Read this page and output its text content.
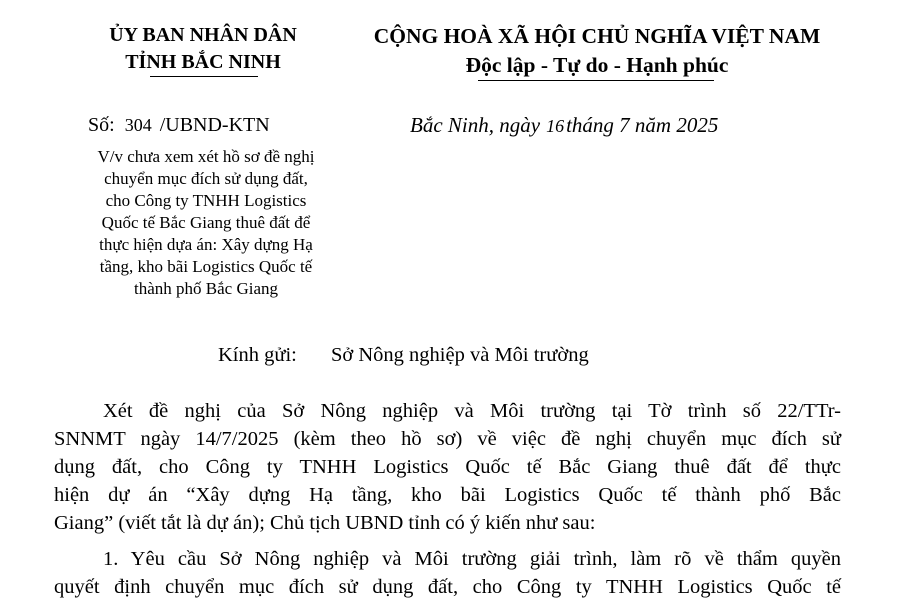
ỦY BAN NHÂN DÂN
TỈNH BẮC NINH
CỘNG HOÀ XÃ HỘI CHỦ NGHĨA VIỆT NAM
Độc lập - Tự do - Hạnh phúc
Số: 304 /UBND-KTN	Bắc Ninh, ngày 16tháng 7 năm 2025
V/v chưa xem xét hồ sơ đề nghị
chuyển mục đích sử dụng đất,
cho Công ty TNHH Logistics
Quốc tế Bắc Giang thuê đất để
thực hiện dựa án: Xây dựng Hạ
tầng, kho bãi Logistics Quốc tế
thành phố Bắc Giang
Kính gửi: Sở Nông nghiệp và Môi trường
Xét đề nghị của Sở Nông nghiệp và Môi trường tại Tờ trình số 22/TTr-
SNNMT ngày 14/7/2025 (kèm theo hồ sơ) về việc đề nghị chuyển mục đích sử
dụng đất, cho Công ty TNHH Logistics Quốc tế Bắc Giang thuê đất để thực
hiện dự án “Xây dựng Hạ tầng, kho bãi Logistics Quốc tế thành phố Bắc
Giang” (viết tắt là dự án); Chủ tịch UBND tỉnh có ý kiến như sau:
1. Yêu cầu Sở Nông nghiệp và Môi trường giải trình, làm rõ về thẩm quyền
quyết định chuyển mục đích sử dụng đất, cho Công ty TNHH Logistics Quốc tế
